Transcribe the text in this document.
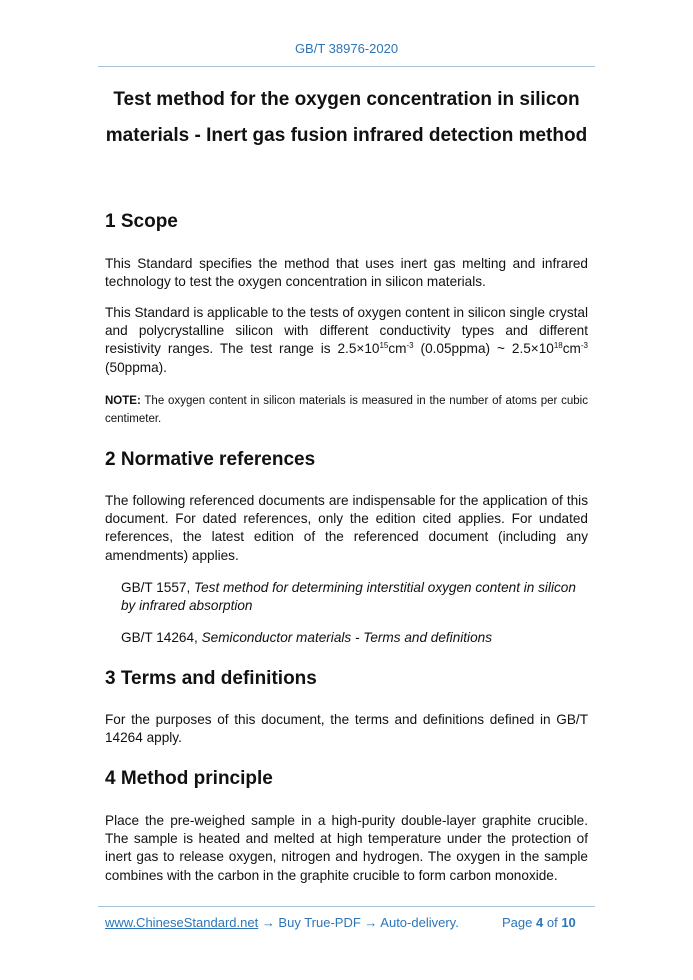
GB/T 38976-2020
Test method for the oxygen concentration in silicon
materials - Inert gas fusion infrared detection method
1 Scope

This Standard specifies the method that uses inert gas melting and infrared technology to test the oxygen concentration in silicon materials.

This Standard is applicable to the tests of oxygen content in silicon single crystal and polycrystalline silicon with different conductivity types and different resistivity ranges. The test range is $2.5\times 10^{15}cm^{-3}$ (0.05ppma) ~ $2.5\times 10^{18}cm^{-3}$ (50ppma).

NOTE: The oxygen content in silicon materials is measured in the number of atoms per cubic centimeter.

2 Normative references

The following referenced documents are indispensable for the application of this document. For dated references, only the edition cited applies. For undated references, the latest edition of the referenced document (including any amendments) applies.

GB/T 1557, Test method for determining interstitial oxygen content in silicon by infrared absorption

GB/T 14264, Semiconductor materials - Terms and definitions

3 Terms and definitions

For the purposes of this document, the terms and definitions defined in GB/T 14264 apply.

4 Method principle

Place the pre-weighed sample in a high-purity double-layer graphite crucible. The sample is heated and melted at high temperature under the protection of inert gas to release oxygen, nitrogen and hydrogen. The oxygen in the sample combines with the carbon in the graphite crucible to form carbon monoxide.

www.ChineseStandard.net → Buy True-PDF → Auto-delivery.	Page 4 of 10
